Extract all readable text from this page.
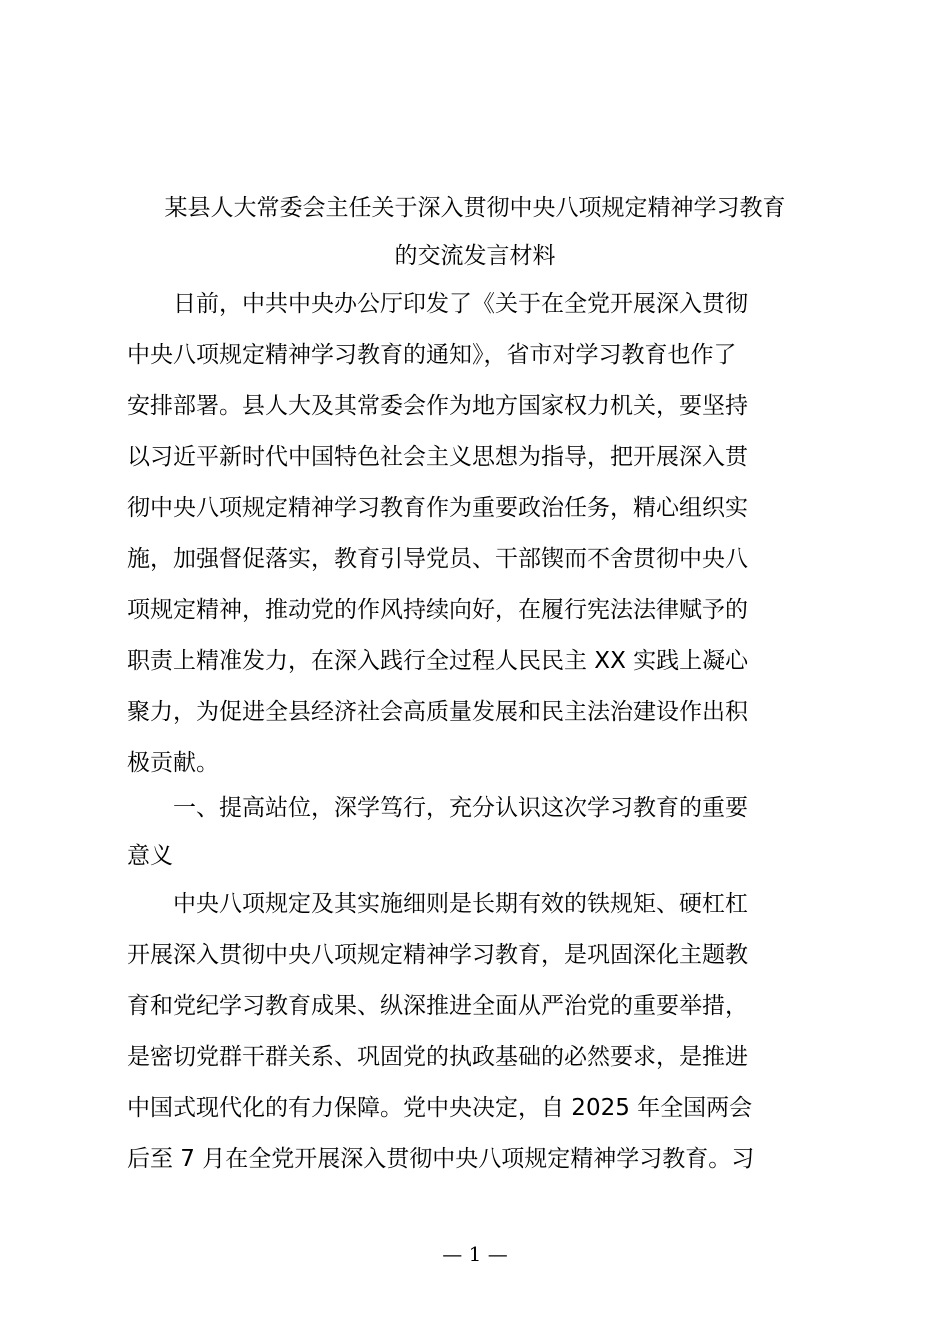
某县人大常委会主任关于深入贯彻中央八项规定精神学习教育
的交流发言材料
　　日前，中共中央办公厅印发了《关于在全党开展深入贯彻
中央八项规定精神学习教育的通知》，省市对学习教育也作了
安排部署。县人大及其常委会作为地方国家权力机关，要坚持
以习近平新时代中国特色社会主义思想为指导，把开展深入贯
彻中央八项规定精神学习教育作为重要政治任务，精心组织实
施，加强督促落实，教育引导党员、干部锲而不舍贯彻中央八
项规定精神，推动党的作风持续向好，在履行宪法法律赋予的
职责上精准发力，在深入践行全过程人民民主 XX 实践上凝心
聚力，为促进全县经济社会高质量发展和民主法治建设作出积
极贡献。
　　一、提高站位，深学笃行，充分认识这次学习教育的重要
意义
　　中央八项规定及其实施细则是长期有效的铁规矩、硬杠杠
开展深入贯彻中央八项规定精神学习教育，是巩固深化主题教
育和党纪学习教育成果、纵深推进全面从严治党的重要举措，
是密切党群干群关系、巩固党的执政基础的必然要求，是推进
中国式现代化的有力保障。党中央决定，自 2025 年全国两会
后至 7 月在全党开展深入贯彻中央八项规定精神学习教育。习
— 1 —
